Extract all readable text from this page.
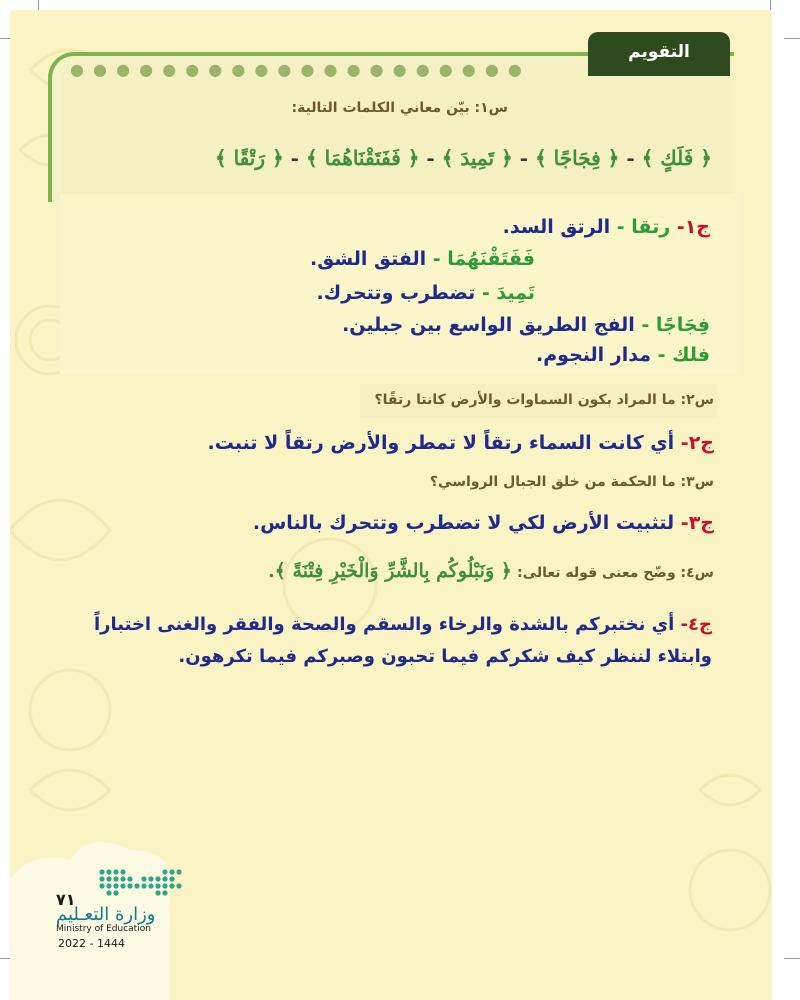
التقويم
● ● ● ● ● ● ● ● ● ● ● ● ● ● ● ● ● ● ● ●
س١: بيّن معاني الكلمات التالية:
﴿ فَلَكٍ ﴾ - ﴿ فِجَاجًا ﴾ - ﴿ تَمِيدَ ﴾ - ﴿ فَفَتَقْنَاهُمَا ﴾ - ﴿ رَتْقًا ﴾
ج١- رتقا - الرتق السد.
فَفَتَقْنَهُمَا - الفتق الشق.
تَمِيدَ - تضطرب وتتحرك.
فِجَاجًا - الفج الطريق الواسع بين جبلين.
فلك - مدار النجوم.
س٢: ما المراد بكون السماوات والأرض كانتا رتقًا؟
ج٢- أي كانت السماء رتقاً لا تمطر والأرض رتقاً لا تنبت.
س٣: ما الحكمة من خلق الجبال الرواسي؟
ج٣- لتثبيت الأرض لكي لا تضطرب وتتحرك بالناس.
س٤: وضّح معنى قوله تعالى: ﴿ وَنَبْلُوكُم بِالشَّرِّ وَالْخَيْرِ فِتْنَةً ﴾.
ج٤- أي نختبركم بالشدة والرخاء والسقم والصحة والفقر والغنى اختباراً
وابتلاء لننظر كيف شكركم فيما تحبون وصبركم فيما تكرهون.
٧١
وزارة التعـليم
Ministry of Education
2022 - 1444
